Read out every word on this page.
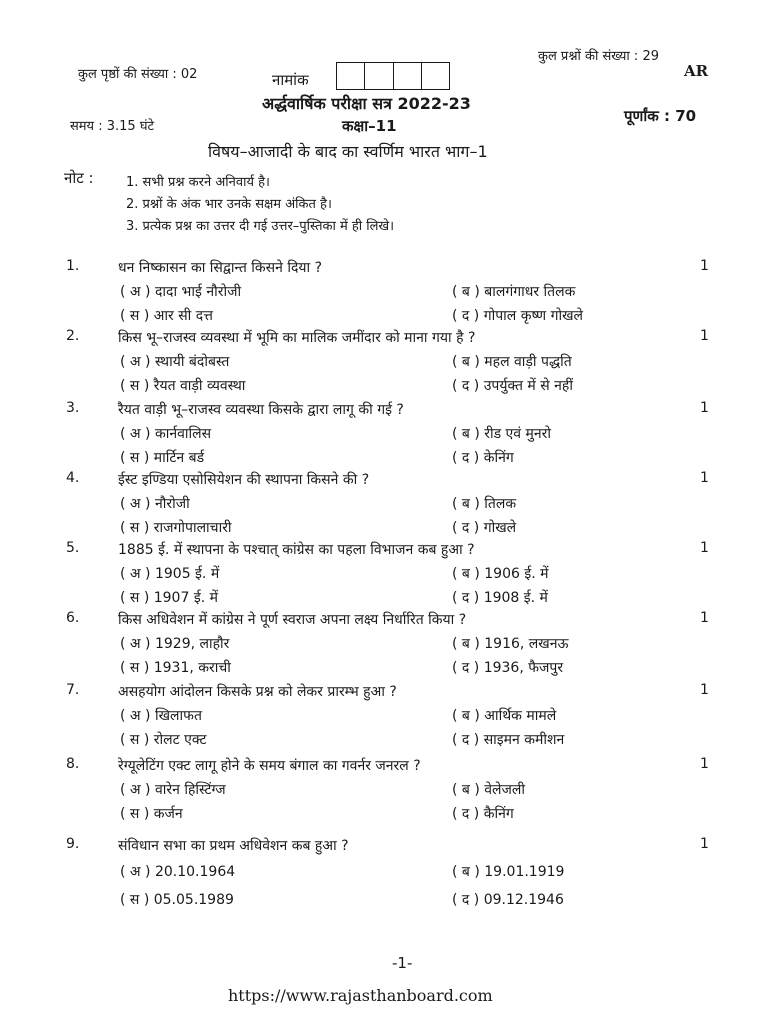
कुल पृष्ठों की संख्या : 02	नामांक
कुल प्रश्नों की संख्या : 29
AR
अर्द्धवार्षिक परीक्षा सत्र 2022-23
समय : 3.15 घंटे	कक्षा–11
पूर्णांक : 70
विषय–आजादी के बाद का स्वर्णिम भारत भाग–1
नोट : 1. सभी प्रश्न करने अनिवार्य है।
2. प्रश्नों के अंक भार उनके सक्षम अंकित है।
3. प्रत्येक प्रश्न का उत्तर दी गई उत्तर–पुस्तिका में ही लिखे।
1.	धन निष्कासन का सिद्वान्त किसने दिया ?	1
( अ ) दादा भाई नौरोजी	( ब ) बालगंगाधर तिलक
( स ) आर सी दत्त	( द ) गोपाल कृष्ण गोखले
2.	किस भू–राजस्व व्यवस्था में भूमि का मालिक जमींदार को माना गया है ?	1
( अ ) स्थायी बंदोबस्त	( ब ) महल वाड़ी पद्धति
( स ) रैयत वाड़ी व्यवस्था	( द ) उपर्युक्त में से नहीं
3.	रैयत वाड़ी भू–राजस्व व्यवस्था किसके द्वारा लागू की गई ?	1
( अ ) कार्नवालिस	( ब ) रीड एवं मुनरो
( स ) मार्टिन बर्ड	( द ) केनिंग
4.	ईस्ट इण्डिया एसोसियेशन की स्थापना किसने की ?	1
( अ ) नौरोजी	( ब ) तिलक
( स ) राजगोपालाचारी	( द ) गोखले
5.	1885 ई. में स्थापना के पश्चात् कांग्रेस का पहला विभाजन कब हुआ ?	1
( अ ) 1905 ई. में	( ब ) 1906 ई. में
( स ) 1907 ई. में	( द ) 1908 ई. में
6.	किस अधिवेशन में कांग्रेस ने पूर्ण स्वराज अपना लक्ष्य निर्धारित किया ?	1
( अ ) 1929, लाहौर	( ब ) 1916, लखनऊ
( स ) 1931, कराची	( द ) 1936, फैजपुर
7.	असहयोग आंदोलन किसके प्रश्न को लेकर प्रारम्भ हुआ ?	1
( अ ) खिलाफत	( ब ) आर्थिक मामले
( स ) रोलट एक्ट	( द ) साइमन कमीशन
8.	रेग्यूलेटिंग एक्ट लागू होने के समय बंगाल का गवर्नर जनरल ?	1
( अ ) वारेन हिस्टिंग्ज	( ब ) वेलेजली
( स ) कर्जन	( द ) कैनिंग
9.	संविधान सभा का प्रथम अधिवेशन कब हुआ ?	1
( अ ) 20.10.1964	( ब ) 19.01.1919
( स ) 05.05.1989	( द ) 09.12.1946
-1-
https://www.rajasthanboard.com
